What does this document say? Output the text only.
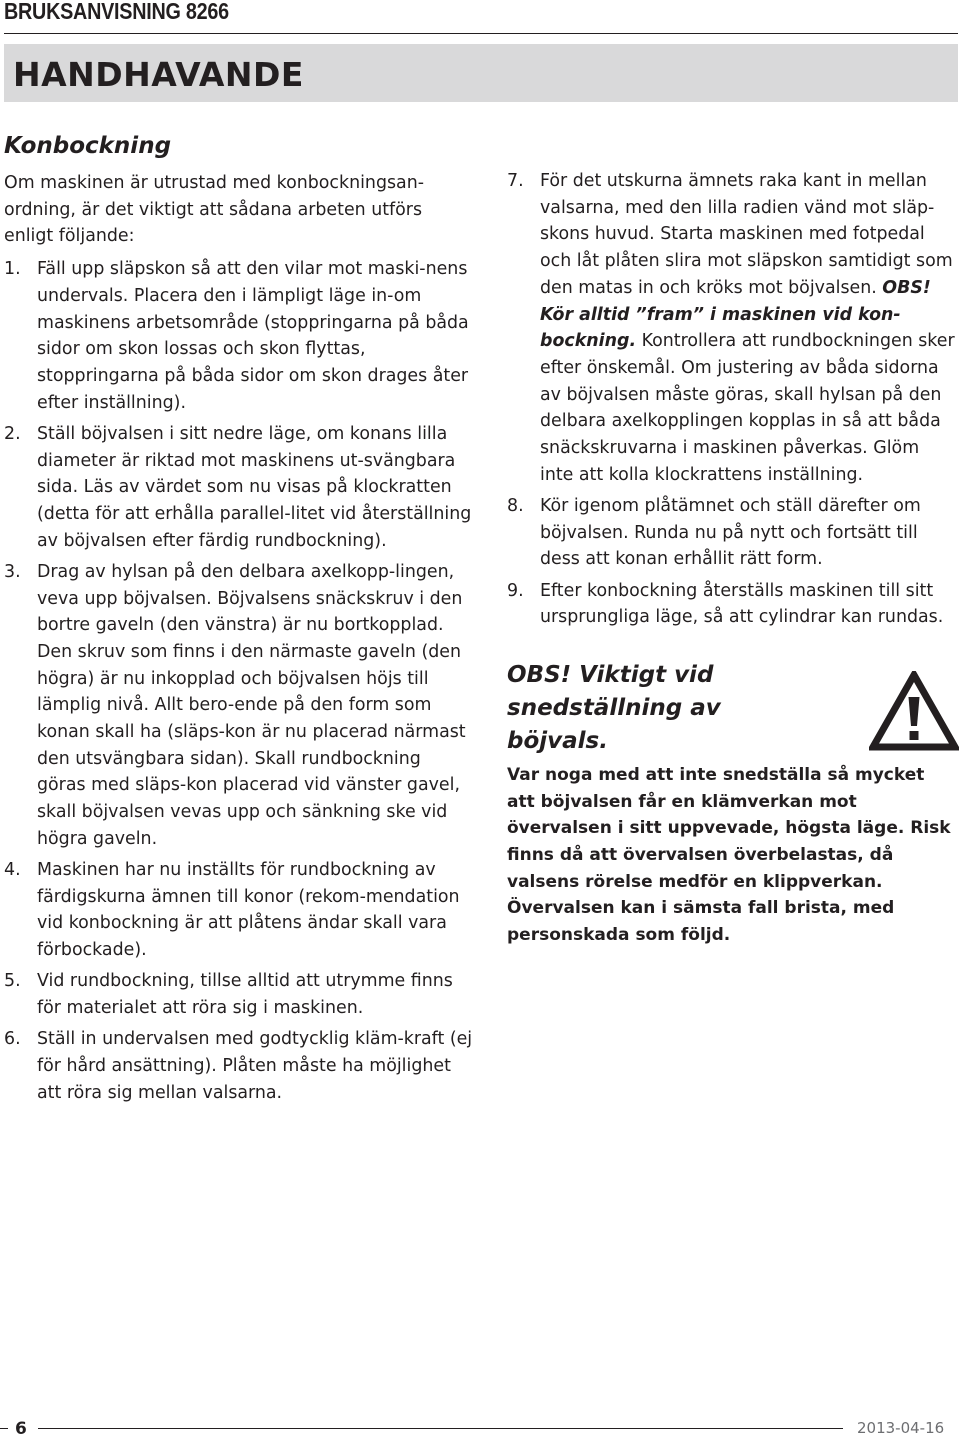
BRUKSANVISNING 8266
HANDHAVANDE
Konbockning

Om maskinen är utrustad med konbockningsan-ordning, är det viktigt att sådana arbeten utförs enligt följande:

1. Fäll upp släpskon så att den vilar mot maski-nens undervals. Placera den i lämpligt läge in-om maskinens arbetsområde (stoppringarna på båda sidor om skon lossas och skon flyttas, stoppringarna på båda sidor om skon drages åter efter inställning).
2. Ställ böjvalsen i sitt nedre läge, om konans lilla diameter är riktad mot maskinens ut-svängbara sida. Läs av värdet som nu visas på klockratten (detta för att erhålla parallel-litet vid återställning av böjvalsen efter färdig rundbockning).
3. Drag av hylsan på den delbara axelkopp-lingen, veva upp böjvalsen. Böjvalsens snäckskruv i den bortre gaveln (den vänstra) är nu bortkopplad. Den skruv som finns i den närmaste gaveln (den högra) är nu inkopplad och böjvalsen höjs till lämplig nivå. Allt bero-ende på den form som konan skall ha (släps-kon är nu placerad närmast den utsvängbara sidan). Skall rundbockning göras med släps-kon placerad vid vänster gavel, skall böjvalsen vevas upp och sänkning ske vid högra gaveln.
4. Maskinen har nu inställts för rundbockning av färdigskurna ämnen till konor (rekom-mendation vid konbockning är att plåtens ändar skall vara förbockade).
5. Vid rundbockning, tillse alltid att utrymme finns för materialet att röra sig i maskinen.
6. Ställ in undervalsen med godtycklig kläm-kraft (ej för hård ansättning). Plåten måste ha möjlighet att röra sig mellan valsarna.
7. För det utskurna ämnets raka kant in mellan valsarna, med den lilla radien vänd mot släp-skons huvud. Starta maskinen med fotpedal och låt plåten slira mot släpskon samtidigt som den matas in och kröks mot böjvalsen. OBS! Kör alltid ”fram” i maskinen vid kon-bockning. Kontrollera att rundbockningen sker efter önskemål. Om justering av båda sidorna av böjvalsen måste göras, skall hylsan på den delbara axelkopplingen kopplas in så att båda snäckskruvarna i maskinen påverkas. Glöm inte att kolla klockrattens inställning.
8. Kör igenom plåtämnet och ställ därefter om böjvalsen. Runda nu på nytt och fortsätt till dess att konan erhållit rätt form.
9. Efter konbockning återställs maskinen till sitt ursprungliga läge, så att cylindrar kan rundas.
OBS! Viktigt vid snedställning av böjvals.

Var noga med att inte snedställa så mycket att böjvalsen får en klämverkan mot övervalsen i sitt uppvevade, högsta läge. Risk finns då att övervalsen överbelastas, då valsens rörelse medför en klippverkan. Övervalsen kan i sämsta fall brista, med personskada som följd.

6	2013-04-16
